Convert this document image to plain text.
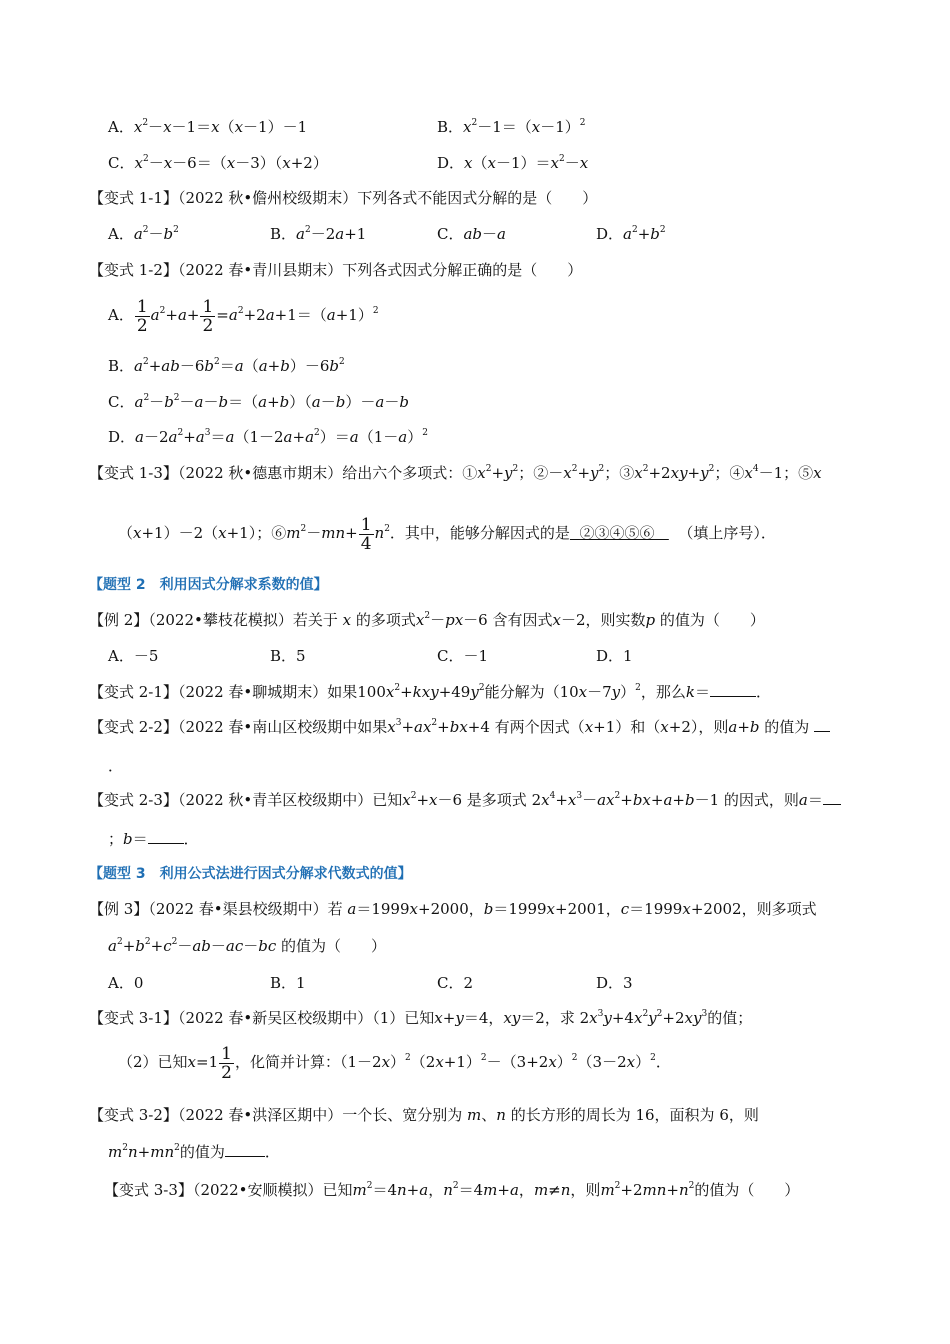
A．$x^2-x-1=x(x-1)-1$	B．$x^2-1=(x-1)^2$
C．$x^2-x-6=(x-3)(x+2)$	D．$x(x-1)=x^2-x$
【变式 1-1】（2022 秋•儋州校级期末）下列各式不能因式分解的是（　　）
A．$a^2-b^2$	B．$a^2-2a+1$	C．ab－a	D．$a^2+b^2$
【变式 1-2】（2022 春•青川县期末）下列各式因式分解正确的是（　　）
A． $\frac{1}{2} a^2+a+ \frac{1}{2} =a^2+2a+1=(a+1)^2$
B．$a^2+ab-6b^2=a(a+b)-6b^2$
C．$a^2-b^2-a-b=(a+b)(a-b)-a-b$
D．$a-2a^2+a^3=a(1-2a+a^2)=a(1-a)^2$
【变式 1-3】（2022 秋•德惠市期末）给出六个多项式：$①x^2+y^2$；$②-x^2+y^2$；$③x^2+2xy+y^2$；$④x^4-1$；⑤x
（x+1）－2（x+1）；$⑥m^2-mn+ \frac{1}{4} n^2$．其中，能够分解因式的是 ②③④⑤⑥ （填上序号）．
【题型 2　利用因式分解求系数的值】
【例 2】（2022•攀枝花模拟）若关于 x 的多项式$x^2-px-6$ 含有因式x－2，则实数p 的值为（　　）
A．－5	B．5	C．－1	D．1
【变式 2-1】（2022 春•聊城期末）如果$100x^2+kxy+49y^2$能分解为$(10x-7y)^2$，那么k＝	．
【变式 2-2】（2022 春•南山区校级期中如果$x^3+ax^2+bx+4$ 有两个因式（x+1）和（x+2），则a+b 的值为
．
【变式 2-3】（2022 秋•青羊区校级期中）已知$x^2+x-6$ 是多项式 $2x^4+x^3-ax^2+bx+a+b-1$ 的因式，则a＝
；b＝ ．
【题型 3　利用公式法进行因式分解求代数式的值】
【例 3】（2022 春•渠县校级期中）若 a＝1999x+2000，b＝1999x+2001，c＝1999x+2002，则多项式
$a^2+b^2+c^2-ab-ac-bc$ 的值为（　　）
A．0	B．1	C．2	D．3
【变式 3-1】（2022 春•新吴区校级期中）（1）已知x+y＝4，xy＝2，求 $2x^3y+4x^2y^2+2xy^3$的值；
（2）已知$x=1 \frac{1}{2}$ ，化简并计算：$(1-2x)^2(2x+1)^2-(3+2x)^2(3-2x)^2$．
【变式 3-2】（2022 春•洪泽区期中）一个长、宽分别为 m、n 的长方形的周长为 16，面积为 6，则
$m^2n+mn^2$的值为	．
【变式 3-3】（2022•安顺模拟）已知$m^2=4n+a$，$n^2=4m+a$，m≠n，则$m^2+2mn+n^2$的值为（　　）
